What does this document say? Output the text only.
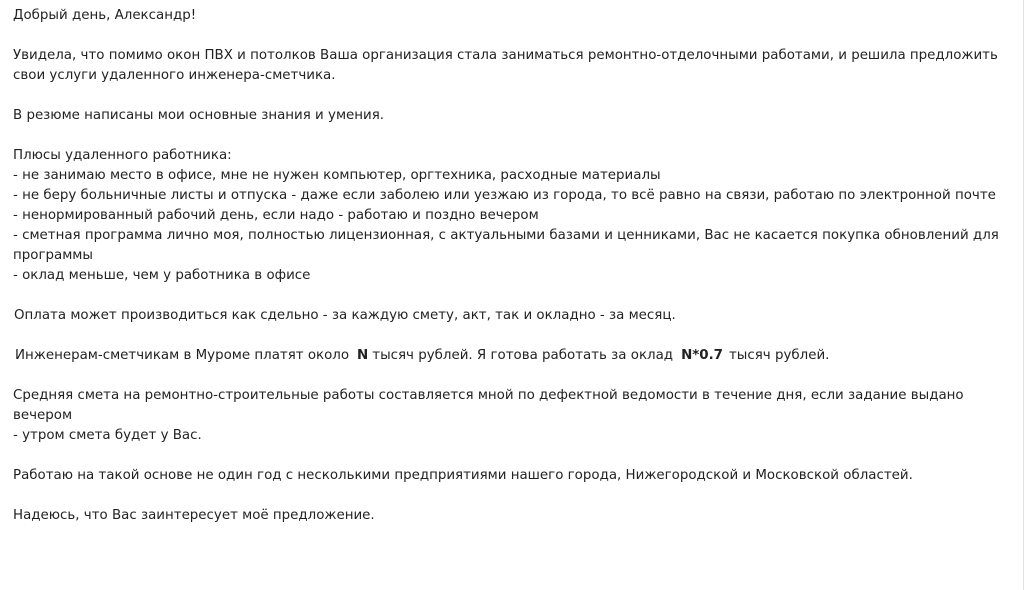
Добрый день, Александр!

Увидела, что помимо окон ПВХ и потолков Ваша организация стала заниматься ремонтно-отделочными работами, и решила предложить

свои услуги удаленного инженера-сметчика.

В резюме написаны мои основные знания и умения.

Плюсы удаленного работника:

- не занимаю место в офисе, мне не нужен компьютер, оргтехника, расходные материалы

- не беру больничные листы и отпуска - даже если заболею или уезжаю из города, то всё равно на связи, работаю по электронной почте

- ненормированный рабочий день, если надо - работаю и поздно вечером

- сметная программа лично моя, полностью лицензионная, с актуальными базами и ценниками, Вас не касается покупка обновлений для

программы

- оклад меньше, чем у работника в офисе

Оплата может производиться как сдельно - за каждую смету, акт, так и окладно - за месяц.

Инженерам-сметчикам в Муроме платят около N тысяч рублей. Я готова работать за оклад N*0.7 тысяч рублей.

Средняя смета на ремонтно-строительные работы составляется мной по дефектной ведомости в течение дня, если задание выдано вечером

- утром смета будет у Вас.

Работаю на такой основе не один год с несколькими предприятиями нашего города, Нижегородской и Московской областей.

Надеюсь, что Вас заинтересует моё предложение.
